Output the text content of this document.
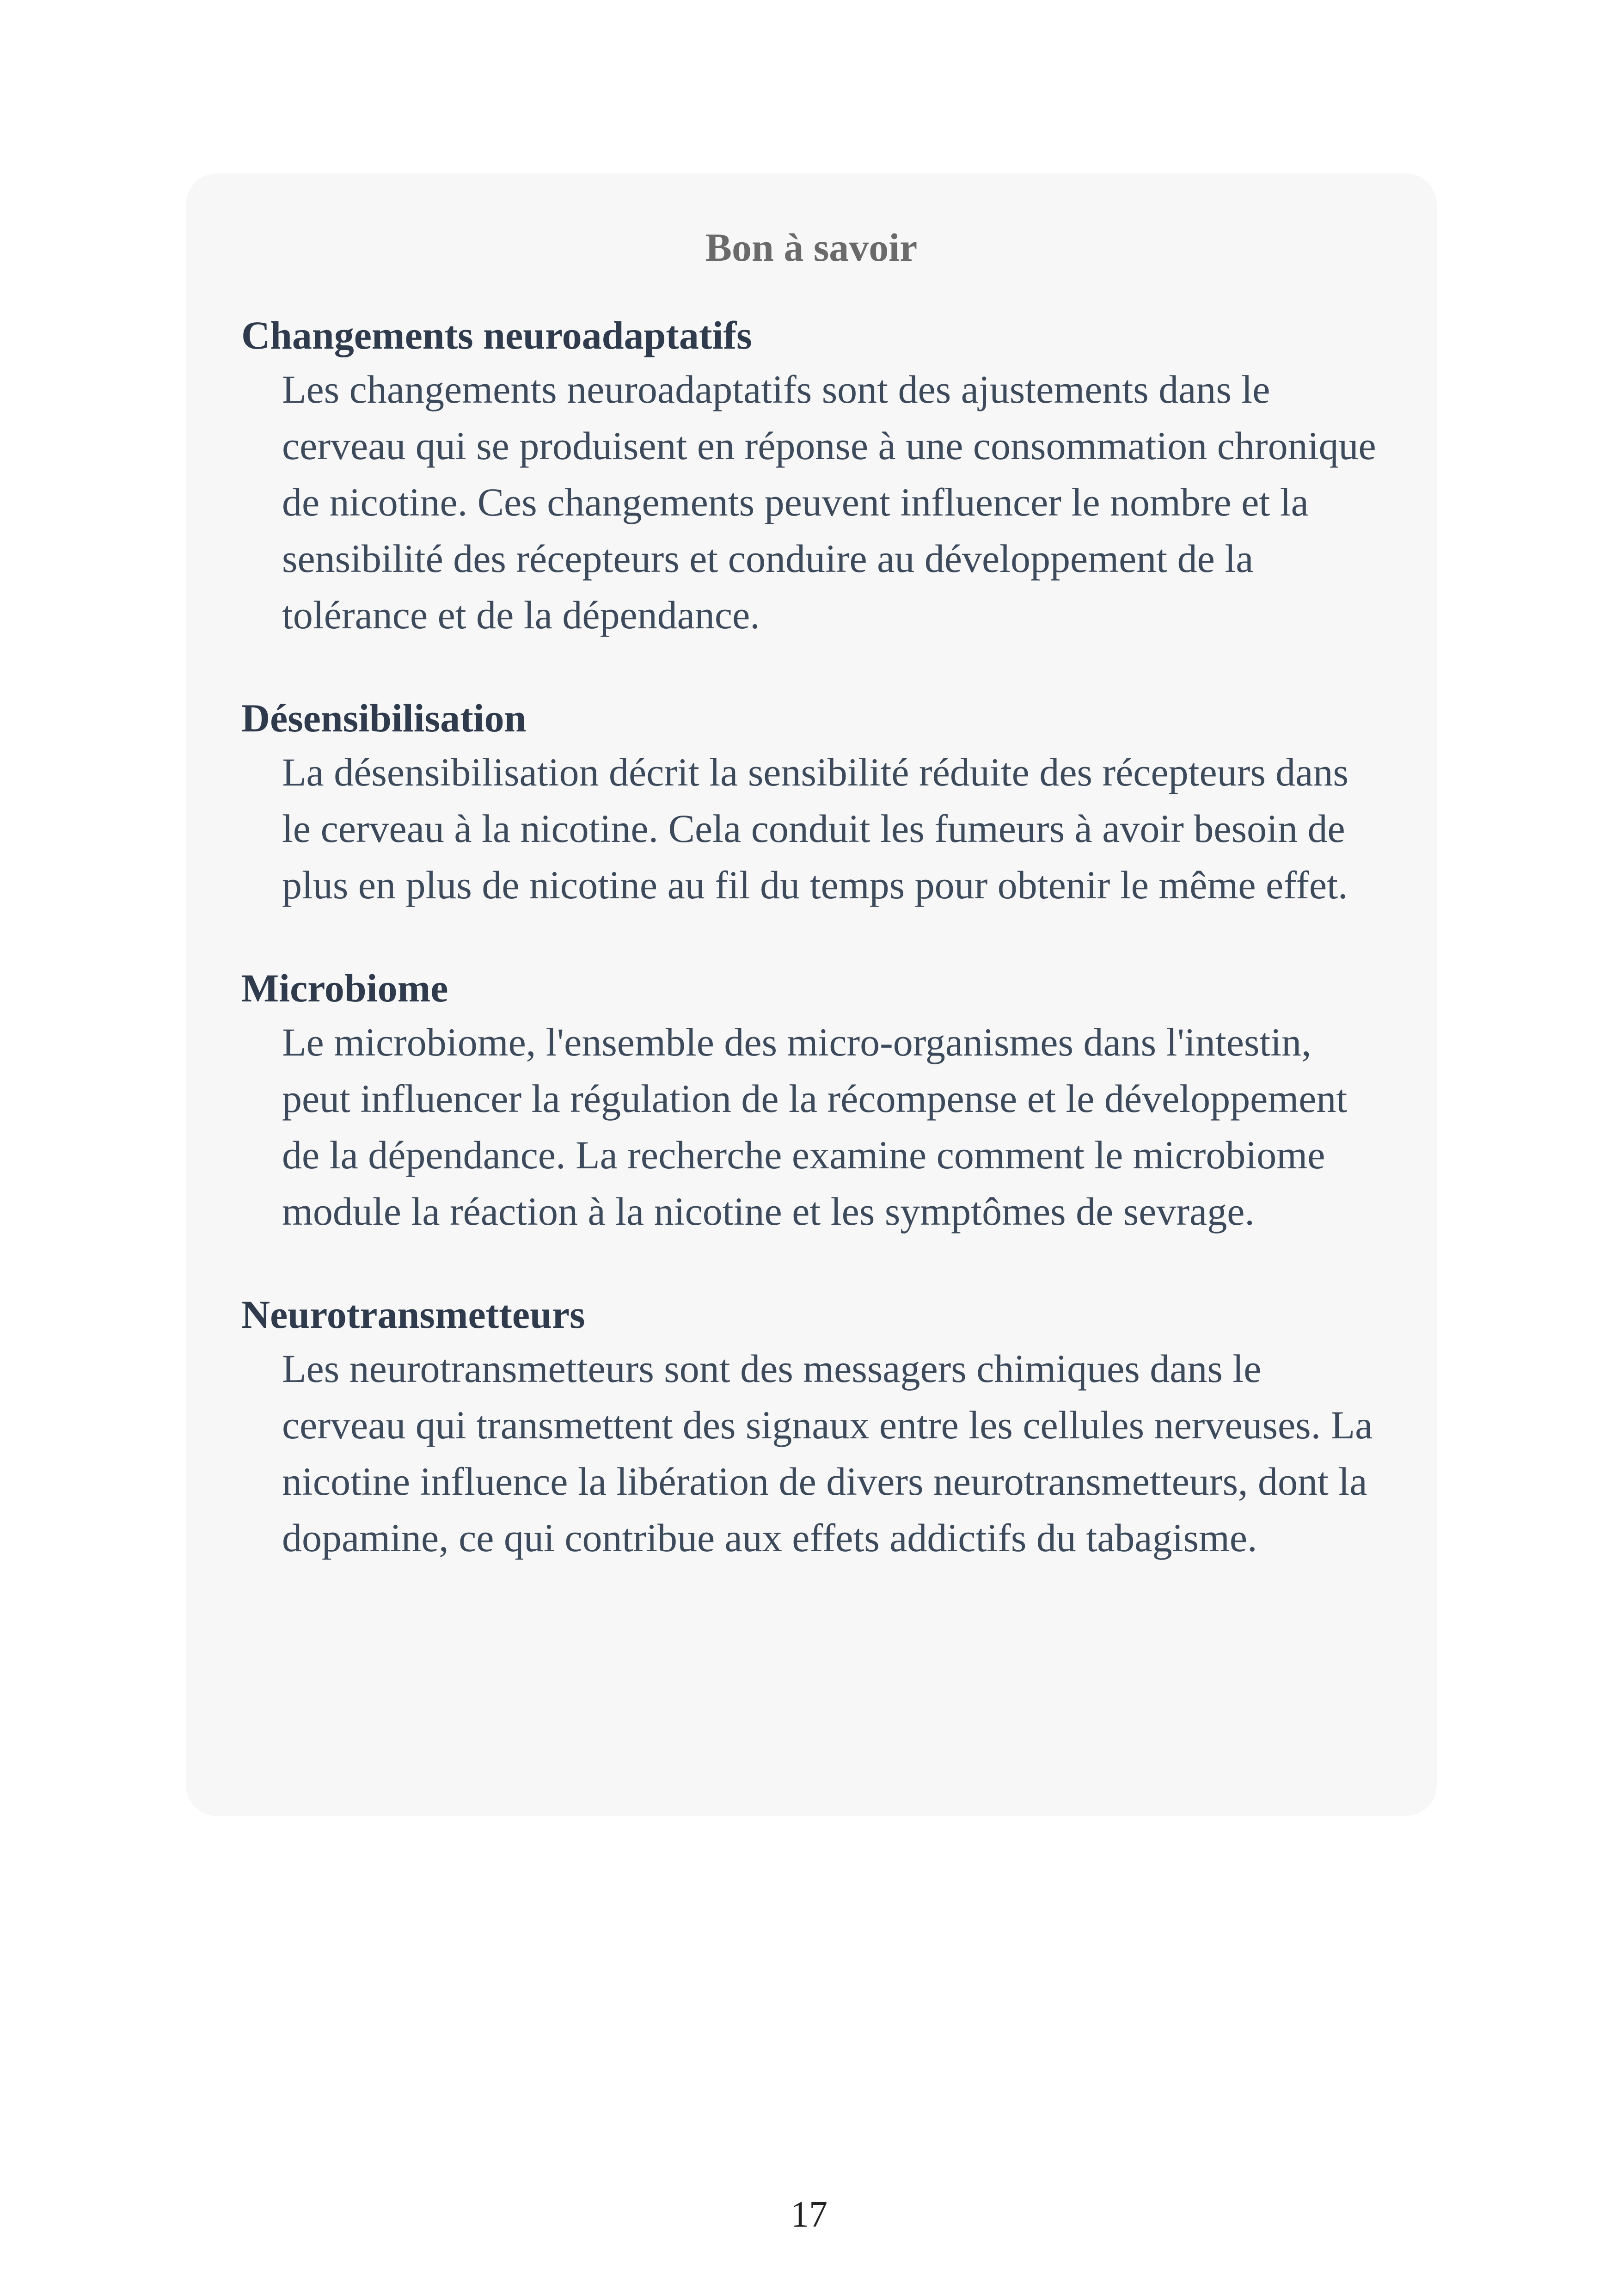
Bon à savoir
Changements neuroadaptatifs

Les changements neuroadaptatifs sont des ajustements dans le cerveau qui se produisent en réponse à une consommation chronique de nicotine. Ces changements peuvent influencer le nombre et la sensibilité des récepteurs et conduire au développement de la tolérance et de la dépendance.

Désensibilisation

La désensibilisation décrit la sensibilité réduite des récepteurs dans le cerveau à la nicotine. Cela conduit les fumeurs à avoir besoin de plus en plus de nicotine au fil du temps pour obtenir le même effet.

Microbiome

Le microbiome, l'ensemble des micro-organismes dans l'intestin, peut influencer la régulation de la récompense et le développement de la dépendance. La recherche examine comment le microbiome module la réaction à la nicotine et les symptômes de sevrage.

Neurotransmetteurs

Les neurotransmetteurs sont des messagers chimiques dans le cerveau qui transmettent des signaux entre les cellules nerveuses. La nicotine influence la libération de divers neurotransmetteurs, dont la dopamine, ce qui contribue aux effets addictifs du tabagisme.

17
